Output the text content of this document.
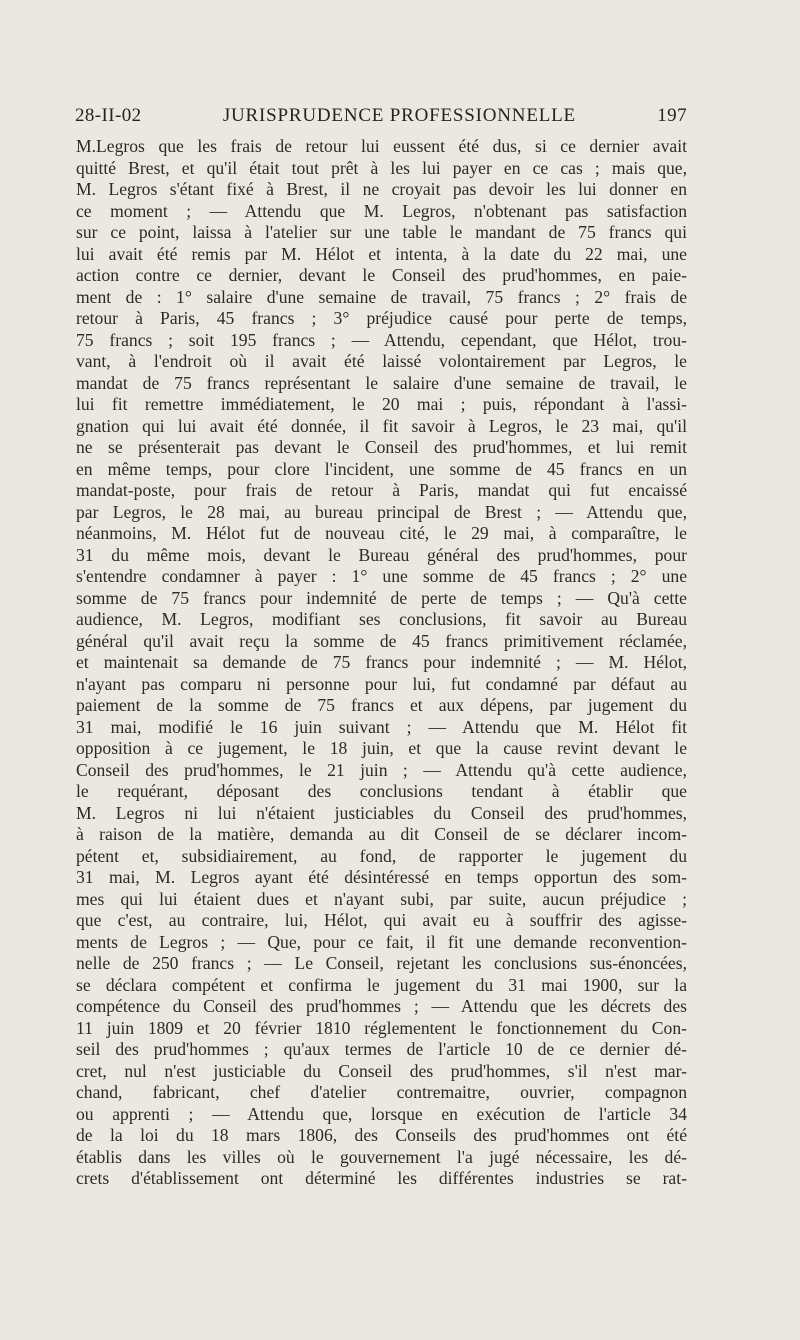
28-II-02	JURISPRUDENCE PROFESSIONNELLE	197
M.Legros que les frais de retour lui eussent été dus, si ce dernier avait
quitté Brest, et qu'il était tout prêt à les lui payer en ce cas ; mais que,
M. Legros s'étant fixé à Brest, il ne croyait pas devoir les lui donner en
ce moment ; — Attendu que M. Legros, n'obtenant pas satisfaction
sur ce point, laissa à l'atelier sur une table le mandant de 75 francs qui
lui avait été remis par M. Hélot et intenta, à la date du 22 mai, une
action contre ce dernier, devant le Conseil des prud'hommes, en paie-
ment de : 1° salaire d'une semaine de travail, 75 francs ; 2° frais de
retour à Paris, 45 francs ; 3° préjudice causé pour perte de temps,
75 francs ; soit 195 francs ; — Attendu, cependant, que Hélot, trou-
vant, à l'endroit où il avait été laissé volontairement par Legros, le
mandat de 75 francs représentant le salaire d'une semaine de travail, le
lui fit remettre immédiatement, le 20 mai ; puis, répondant à l'assi-
gnation qui lui avait été donnée, il fit savoir à Legros, le 23 mai, qu'il
ne se présenterait pas devant le Conseil des prud'hommes, et lui remit
en même temps, pour clore l'incident, une somme de 45 francs en un
mandat-poste, pour frais de retour à Paris, mandat qui fut encaissé
par Legros, le 28 mai, au bureau principal de Brest ; — Attendu que,
néanmoins, M. Hélot fut de nouveau cité, le 29 mai, à comparaître, le
31 du même mois, devant le Bureau général des prud'hommes, pour
s'entendre condamner à payer : 1° une somme de 45 francs ; 2° une
somme de 75 francs pour indemnité de perte de temps ; — Qu'à cette
audience, M. Legros, modifiant ses conclusions, fit savoir au Bureau
général qu'il avait reçu la somme de 45 francs primitivement réclamée,
et maintenait sa demande de 75 francs pour indemnité ; — M. Hélot,
n'ayant pas comparu ni personne pour lui, fut condamné par défaut au
paiement de la somme de 75 francs et aux dépens, par jugement du
31 mai, modifié le 16 juin suivant ; — Attendu que M. Hélot fit
opposition à ce jugement, le 18 juin, et que la cause revint devant le
Conseil des prud'hommes, le 21 juin ; — Attendu qu'à cette audience,
le requérant, déposant des conclusions tendant à établir que
M. Legros ni lui n'étaient justiciables du Conseil des prud'hommes,
à raison de la matière, demanda au dit Conseil de se déclarer incom-
pétent et, subsidiairement, au fond, de rapporter le jugement du
31 mai, M. Legros ayant été désintéressé en temps opportun des som-
mes qui lui étaient dues et n'ayant subi, par suite, aucun préjudice ;
que c'est, au contraire, lui, Hélot, qui avait eu à souffrir des agisse-
ments de Legros ; — Que, pour ce fait, il fit une demande reconvention-
nelle de 250 francs ; — Le Conseil, rejetant les conclusions sus-énoncées,
se déclara compétent et confirma le jugement du 31 mai 1900, sur la
compétence du Conseil des prud'hommes ; — Attendu que les décrets des
11 juin 1809 et 20 février 1810 réglementent le fonctionnement du Con-
seil des prud'hommes ; qu'aux termes de l'article 10 de ce dernier dé-
cret, nul n'est justiciable du Conseil des prud'hommes, s'il n'est mar-
chand, fabricant, chef d'atelier contremaitre, ouvrier, compagnon
ou apprenti ; — Attendu que, lorsque en exécution de l'article 34
de la loi du 18 mars 1806, des Conseils des prud'hommes ont été
établis dans les villes où le gouvernement l'a jugé nécessaire, les dé-
crets d'établissement ont déterminé les différentes industries se rat-
